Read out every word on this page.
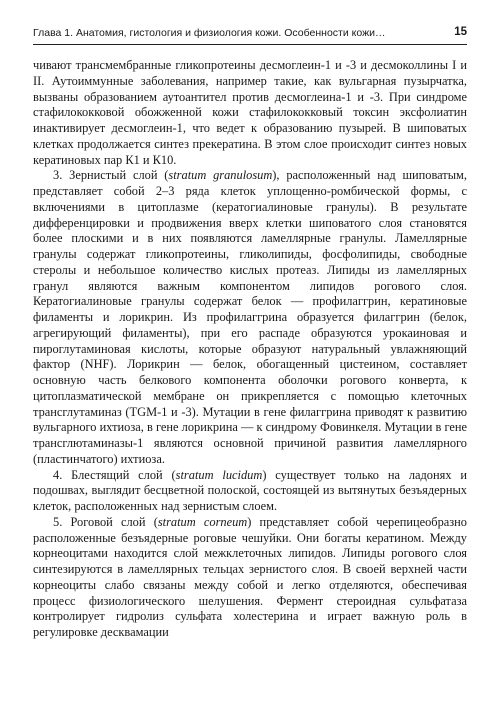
Глава 1. Анатомия, гистология и физиология кожи. Особенности кожи…	15

чивают трансмембранные гликопротеины десмоглеин-1 и -3 и десмоколлины I и II. Аутоиммунные заболевания, например такие, как вульгарная пузырчатка, вызваны образованием аутоантител против десмоглеина-1 и -3. При синдроме стафилококковой обожженной кожи стафилококковый токсин эксфолиатин инактивирует десмоглеин-1, что ведет к образованию пузырей. В шиповатых клетках продолжается синтез прекератина. В этом слое происходит синтез новых кератиновых пар К1 и К10.

3. Зернистый слой (stratum granulosum), расположенный над шиповатым, представляет собой 2–3 ряда клеток уплощенно-ромбической формы, с включениями в цитоплазме (кератогиалиновые гранулы). В результате дифференцировки и продвижения вверх клетки шиповатого слоя становятся более плоскими и в них появляются ламеллярные гранулы. Ламеллярные гранулы содержат гликопротеины, гликолипиды, фосфолипиды, свободные стеролы и небольшое количество кислых протеаз. Липиды из ламеллярных гранул являются важным компонентом липидов рогового слоя. Кератогиалиновые гранулы содержат белок — профилаггрин, кератиновые филаменты и лорикрин. Из профилаггрина образуется филаггрин (белок, агрегирующий филаменты), при его распаде образуются урокаиновая и пироглутаминовая кислоты, которые образуют натуральный увлажняющий фактор (NHF). Лорикрин — белок, обогащенный цистеином, составляет основную часть белкового компонента оболочки рогового конверта, к цитоплазматической мембране он прикрепляется с помощью клеточных трансглутаминаз (TGM-1 и -3). Мутации в гене филаггрина приводят к развитию вульгарного ихтиоза, в гене лорикрина — к синдрому Фовинкеля. Мутации в гене трансглютаминазы-1 являются основной причиной развития ламеллярного (пластинчатого) ихтиоза.

4. Блестящий слой (stratum lucidum) существует только на ладонях и подошвах, выглядит бесцветной полоской, состоящей из вытянутых безъядерных клеток, расположенных над зернистым слоем.

5. Роговой слой (stratum corneum) представляет собой черепицеобразно расположенные безъядерные роговые чешуйки. Они богаты кератином. Между корнеоцитами находится слой межклеточных липидов. Липиды рогового слоя синтезируются в ламеллярных тельцах зернистого слоя. В своей верхней части корнеоциты слабо связаны между собой и легко отделяются, обеспечивая процесс физиологического шелушения. Фермент стероидная сульфатаза контролирует гидролиз сульфата холестерина и играет важную роль в регулировке десквамации
